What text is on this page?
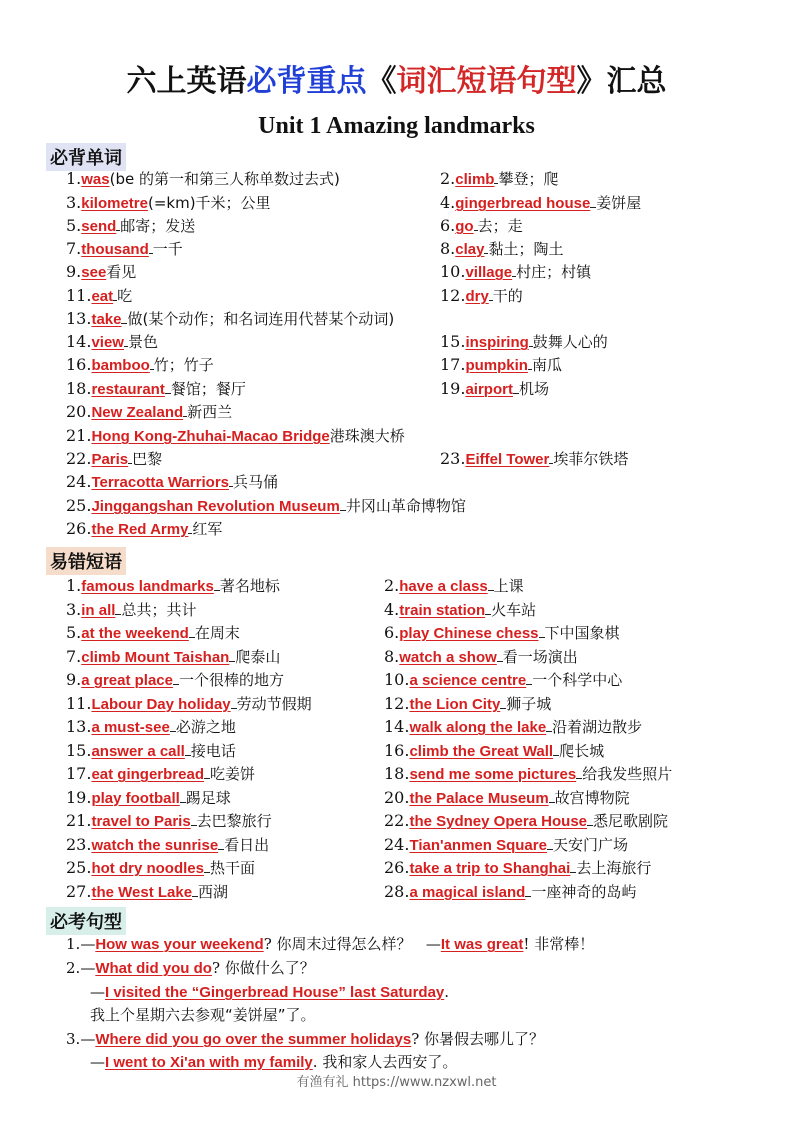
六上英语必背重点《词汇短语句型》汇总
Unit 1 Amazing landmarks
必背单词
1.was(be 的第一和第三人称单数过去式)	2.climb 攀登；爬
3.kilometre(=km)千米；公里	4.gingerbread house 姜饼屋
5.send 邮寄；发送	6.go 去；走
7.thousand 一千	8.clay 黏土；陶土
9.see看见	10.village 村庄；村镇
11.eat 吃	12.dry 干的
13.take 做(某个动作；和名词连用代替某个动词)
14.view 景色	15.inspiring 鼓舞人心的
16.bamboo 竹；竹子	17.pumpkin 南瓜
18.restaurant 餐馆；餐厅	19.airport 机场
20.New Zealand 新西兰
21.Hong Kong-Zhuhai-Macao Bridge港珠澳大桥
22.Paris 巴黎	23.Eiffel Tower 埃菲尔铁塔
24.Terracotta Warriors 兵马俑
25.Jinggangshan Revolution Museum 井冈山革命博物馆
26.the Red Army 红军
易错短语
1.famous landmarks 著名地标	2.have a class 上课
3.in all 总共；共计	4.train station 火车站
5.at the weekend 在周末	6.play Chinese chess 下中国象棋
7.climb Mount Taishan 爬泰山	8.watch a show 看一场演出
9.a great place 一个很棒的地方	10.a science centre 一个科学中心
11.Labour Day holiday 劳动节假期	12.the Lion City 狮子城
13.a must-see 必游之地	14.walk along the lake 沿着湖边散步
15.answer a call 接电话	16.climb the Great Wall 爬长城
17.eat gingerbread 吃姜饼	18.send me some pictures 给我发些照片
19.play football 踢足球	20.the Palace Museum 故宫博物院
21.travel to Paris 去巴黎旅行	22.the Sydney Opera House 悉尼歌剧院
23.watch the sunrise 看日出	24.Tian'anmen Square 天安门广场
25.hot dry noodles 热干面	26.take a trip to Shanghai 去上海旅行
27.the West Lake 西湖	28.a magical island 一座神奇的岛屿
必考句型
1.—How was your weekend? 你周末过得怎么样？ —It was great! 非常棒！
2.—What did you do? 你做什么了？
—I visited the “Gingerbread House” last Saturday.
我上个星期六去参观“姜饼屋”了。
3.—Where did you go over the summer holidays? 你暑假去哪儿了？
—I went to Xi'an with my family. 我和家人去西安了。
有渔有礼 https://www.nzxwl.net
